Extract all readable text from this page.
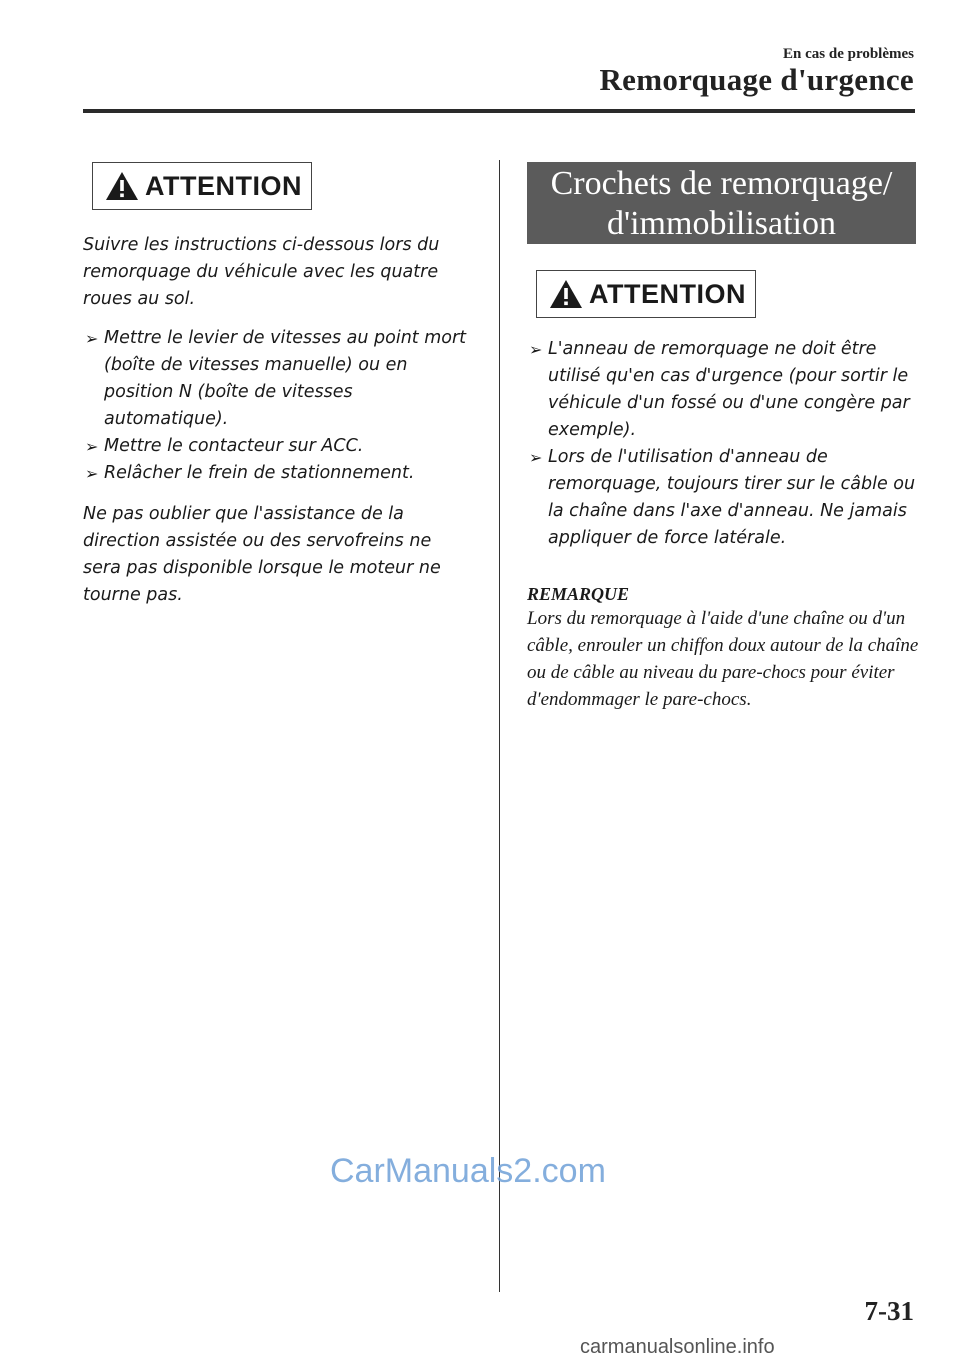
En cas de problèmes
Remorquage d'urgence
ATTENTION

Suivre les instructions ci-dessous lors du remorquage du véhicule avec les quatre roues au sol.

➢ Mettre le levier de vitesses au point mort (boîte de vitesses manuelle) ou en position N (boîte de vitesses automatique).
➢ Mettre le contacteur sur ACC.
➢ Relâcher le frein de stationnement.

Ne pas oublier que l'assistance de la direction assistée ou des servofreins ne sera pas disponible lorsque le moteur ne tourne pas.

Crochets de remorquage/
d'immobilisation
ATTENTION
➢ L'anneau de remorquage ne doit être utilisé qu'en cas d'urgence (pour sortir le véhicule d'un fossé ou d'une congère par exemple).
➢ Lors de l'utilisation d'anneau de remorquage, toujours tirer sur le câble ou la chaîne dans l'axe d'anneau. Ne jamais appliquer de force latérale.
REMARQUE
Lors du remorquage à l'aide d'une chaîne ou d'un câble, enrouler un chiffon doux autour de la chaîne ou de câble au niveau du pare-chocs pour éviter d'endommager le pare-chocs.
CarManuals2.com
7-31
carmanualsonline.info
